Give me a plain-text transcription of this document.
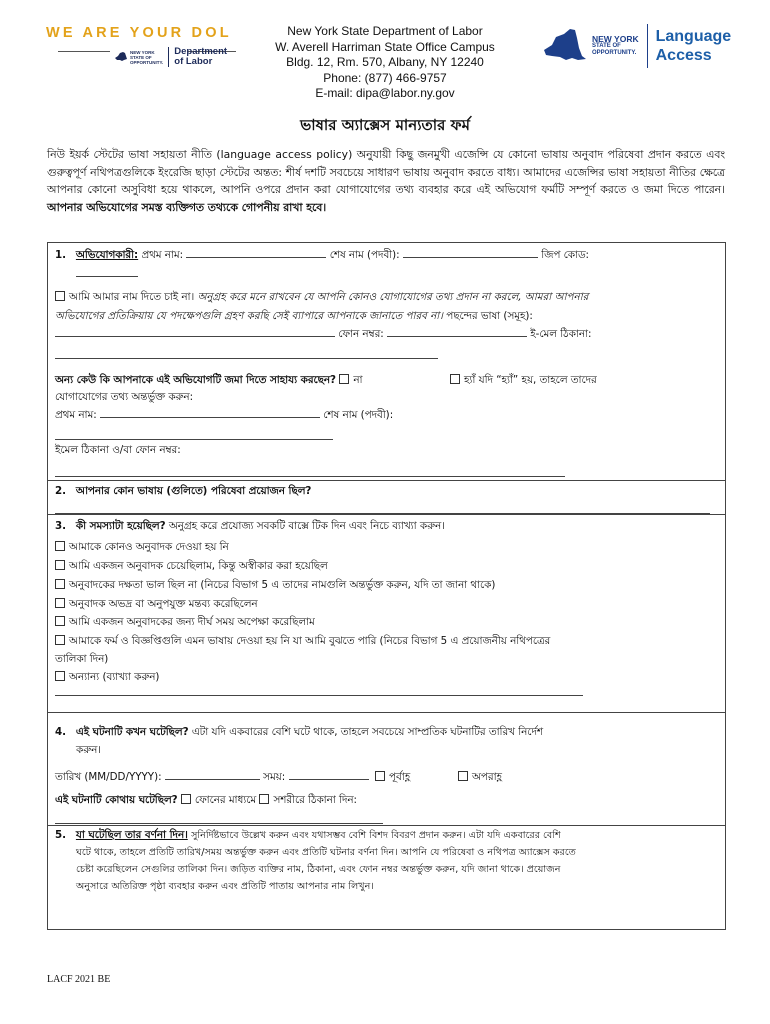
WE ARE YOUR DOL
NEW YORK
STATE OF
OPPORTUNITY.
Department
of Labor
New York State Department of Labor
W. Averell Harriman State Office Campus
Bldg. 12, Rm. 570, Albany, NY 12240
Phone: (877) 466-9757
E-mail: dipa@labor.ny.gov
NEW YORK
STATE OF
OPPORTUNITY.
Language
Access
ভাষার অ্যাক্সেস মান্যতার ফর্ম
নিউ ইয়র্ক স্টেটের ভাষা সহায়তা নীতি (language access policy) অনুযায়ী কিছু জনমুখী এজেন্সি যে কোনো ভাষায় অনুবাদ পরিষেবা প্রদান করতে এবং গুরুত্বপূর্ণ নথিপত্রগুলিকে ইংরেজি ছাড়া স্টেটের অন্তত: শীর্ষ দশটি সবচেয়ে সাধারণ ভাষায় অনুবাদ করতে বাধ্য। আমাদের এজেন্সির ভাষা সহায়তা নীতির ক্ষেত্রে আপনার কোনো অসুবিধা হয়ে থাকলে, আপনি ওপরে প্রদান করা যোগাযোগের তথ্য ব্যবহার করে এই অভিযোগ ফর্মটি সম্পূর্ণ করতে ও জমা দিতে পারেন। আপনার অভিযোগের সমস্ত ব্যক্তিগত তথ্যকে গোপনীয় রাখা হবে।
1. অভিযোগকারী: প্রথম নাম:	শেষ নাম (পদবী):	জিপ কোড:
আমি আমার নাম দিতে চাই না। অনুগ্রহ করে মনে রাখবেন যে আপনি কোনও যোগাযোগের তথ্য প্রদান না করলে, আমরা আপনার
অভিযোগের প্রতিক্রিয়ায় যে পদক্ষেপগুলি গ্রহণ করছি সেই ব্যাপারে আপনাকে জানাতে পারব না। পছন্দের ভাষা (সমূহ):
ফোন নম্বর:	ই-মেল ঠিকানা:
অন্য কেউ কি আপনাকে এই অভিযোগটি জমা দিতে সাহায্য করছেন? না	হ্যাঁ যদি “হ্যাঁ” হয়, তাহলে তাদের
যোগাযোগের তথ্য অন্তর্ভুক্ত করুন:
প্রথম নাম:	শেষ নাম (পদবী):
ইমেল ঠিকানা ও/বা ফোন নম্বর:
2. আপনার কোন ভাষায় (গুলিতে) পরিষেবা প্রয়োজন ছিল?
3. কী সমস্যাটা হয়েছিল? অনুগ্রহ করে প্রযোজ্য সবকটি বাক্সে টিক দিন এবং নিচে ব্যাখ্যা করুন।
আমাকে কোনও অনুবাদক দেওয়া হয় নি
আমি একজন অনুবাদক চেয়েছিলাম, কিন্তু অস্বীকার করা হয়েছিল
অনুবাদকের দক্ষতা ভাল ছিল না (নিচের বিভাগ 5 এ তাদের নামগুলি অন্তর্ভুক্ত করুন, যদি তা জানা থাকে)
অনুবাদক অভদ্র বা অনুপযুক্ত মন্তব্য করেছিলেন
আমি একজন অনুবাদকের জন্য দীর্ঘ সময় অপেক্ষা করেছিলাম
আমাকে ফর্ম ও বিজ্ঞপ্তিগুলি এমন ভাষায় দেওয়া হয় নি যা আমি বুঝতে পারি (নিচের বিভাগ 5 এ প্রয়োজনীয় নথিপত্রের
তালিকা দিন)
অন্যান্য (ব্যাখ্যা করুন)
4. এই ঘটনাটি কখন ঘটেছিল? এটা যদি একবারের বেশি ঘটে থাকে, তাহলে সবচেয়ে সাম্প্রতিক ঘটনাটির তারিখ নির্দেশ
করুন।
তারিখ (MM/DD/YYYY):	সময়:	পূর্বাহ্ণ	অপরাহ্ণ
এই ঘটনাটি কোথায় ঘটেছিল? ফোনের মাধ্যমে সশরীরে ঠিকানা দিন:
5. যা ঘটেছিল তার বর্ণনা দিন। সুনির্দিষ্টভাবে উল্লেখ করুন এবং যথাসম্ভব বেশি বিশদ বিবরণ প্রদান করুন। এটা যদি একবারের বেশি
ঘটে থাকে, তাহলে প্রতিটি তারিখ/সময় অন্তর্ভুক্ত করুন এবং প্রতিটি ঘটনার বর্ণনা দিন। আপনি যে পরিষেবা ও নথিপত্র অ্যাক্সেস করতে
চেষ্টা করেছিলেন সেগুলির তালিকা দিন। জড়িত ব্যক্তির নাম, ঠিকানা, এবং ফোন নম্বর অন্তর্ভুক্ত করুন, যদি জানা থাকে। প্রয়োজন
অনুসারে অতিরিক্ত পৃষ্ঠা ব্যবহার করুন এবং প্রতিটি পাতায় আপনার নাম লিখুন।
LACF 2021 BE
